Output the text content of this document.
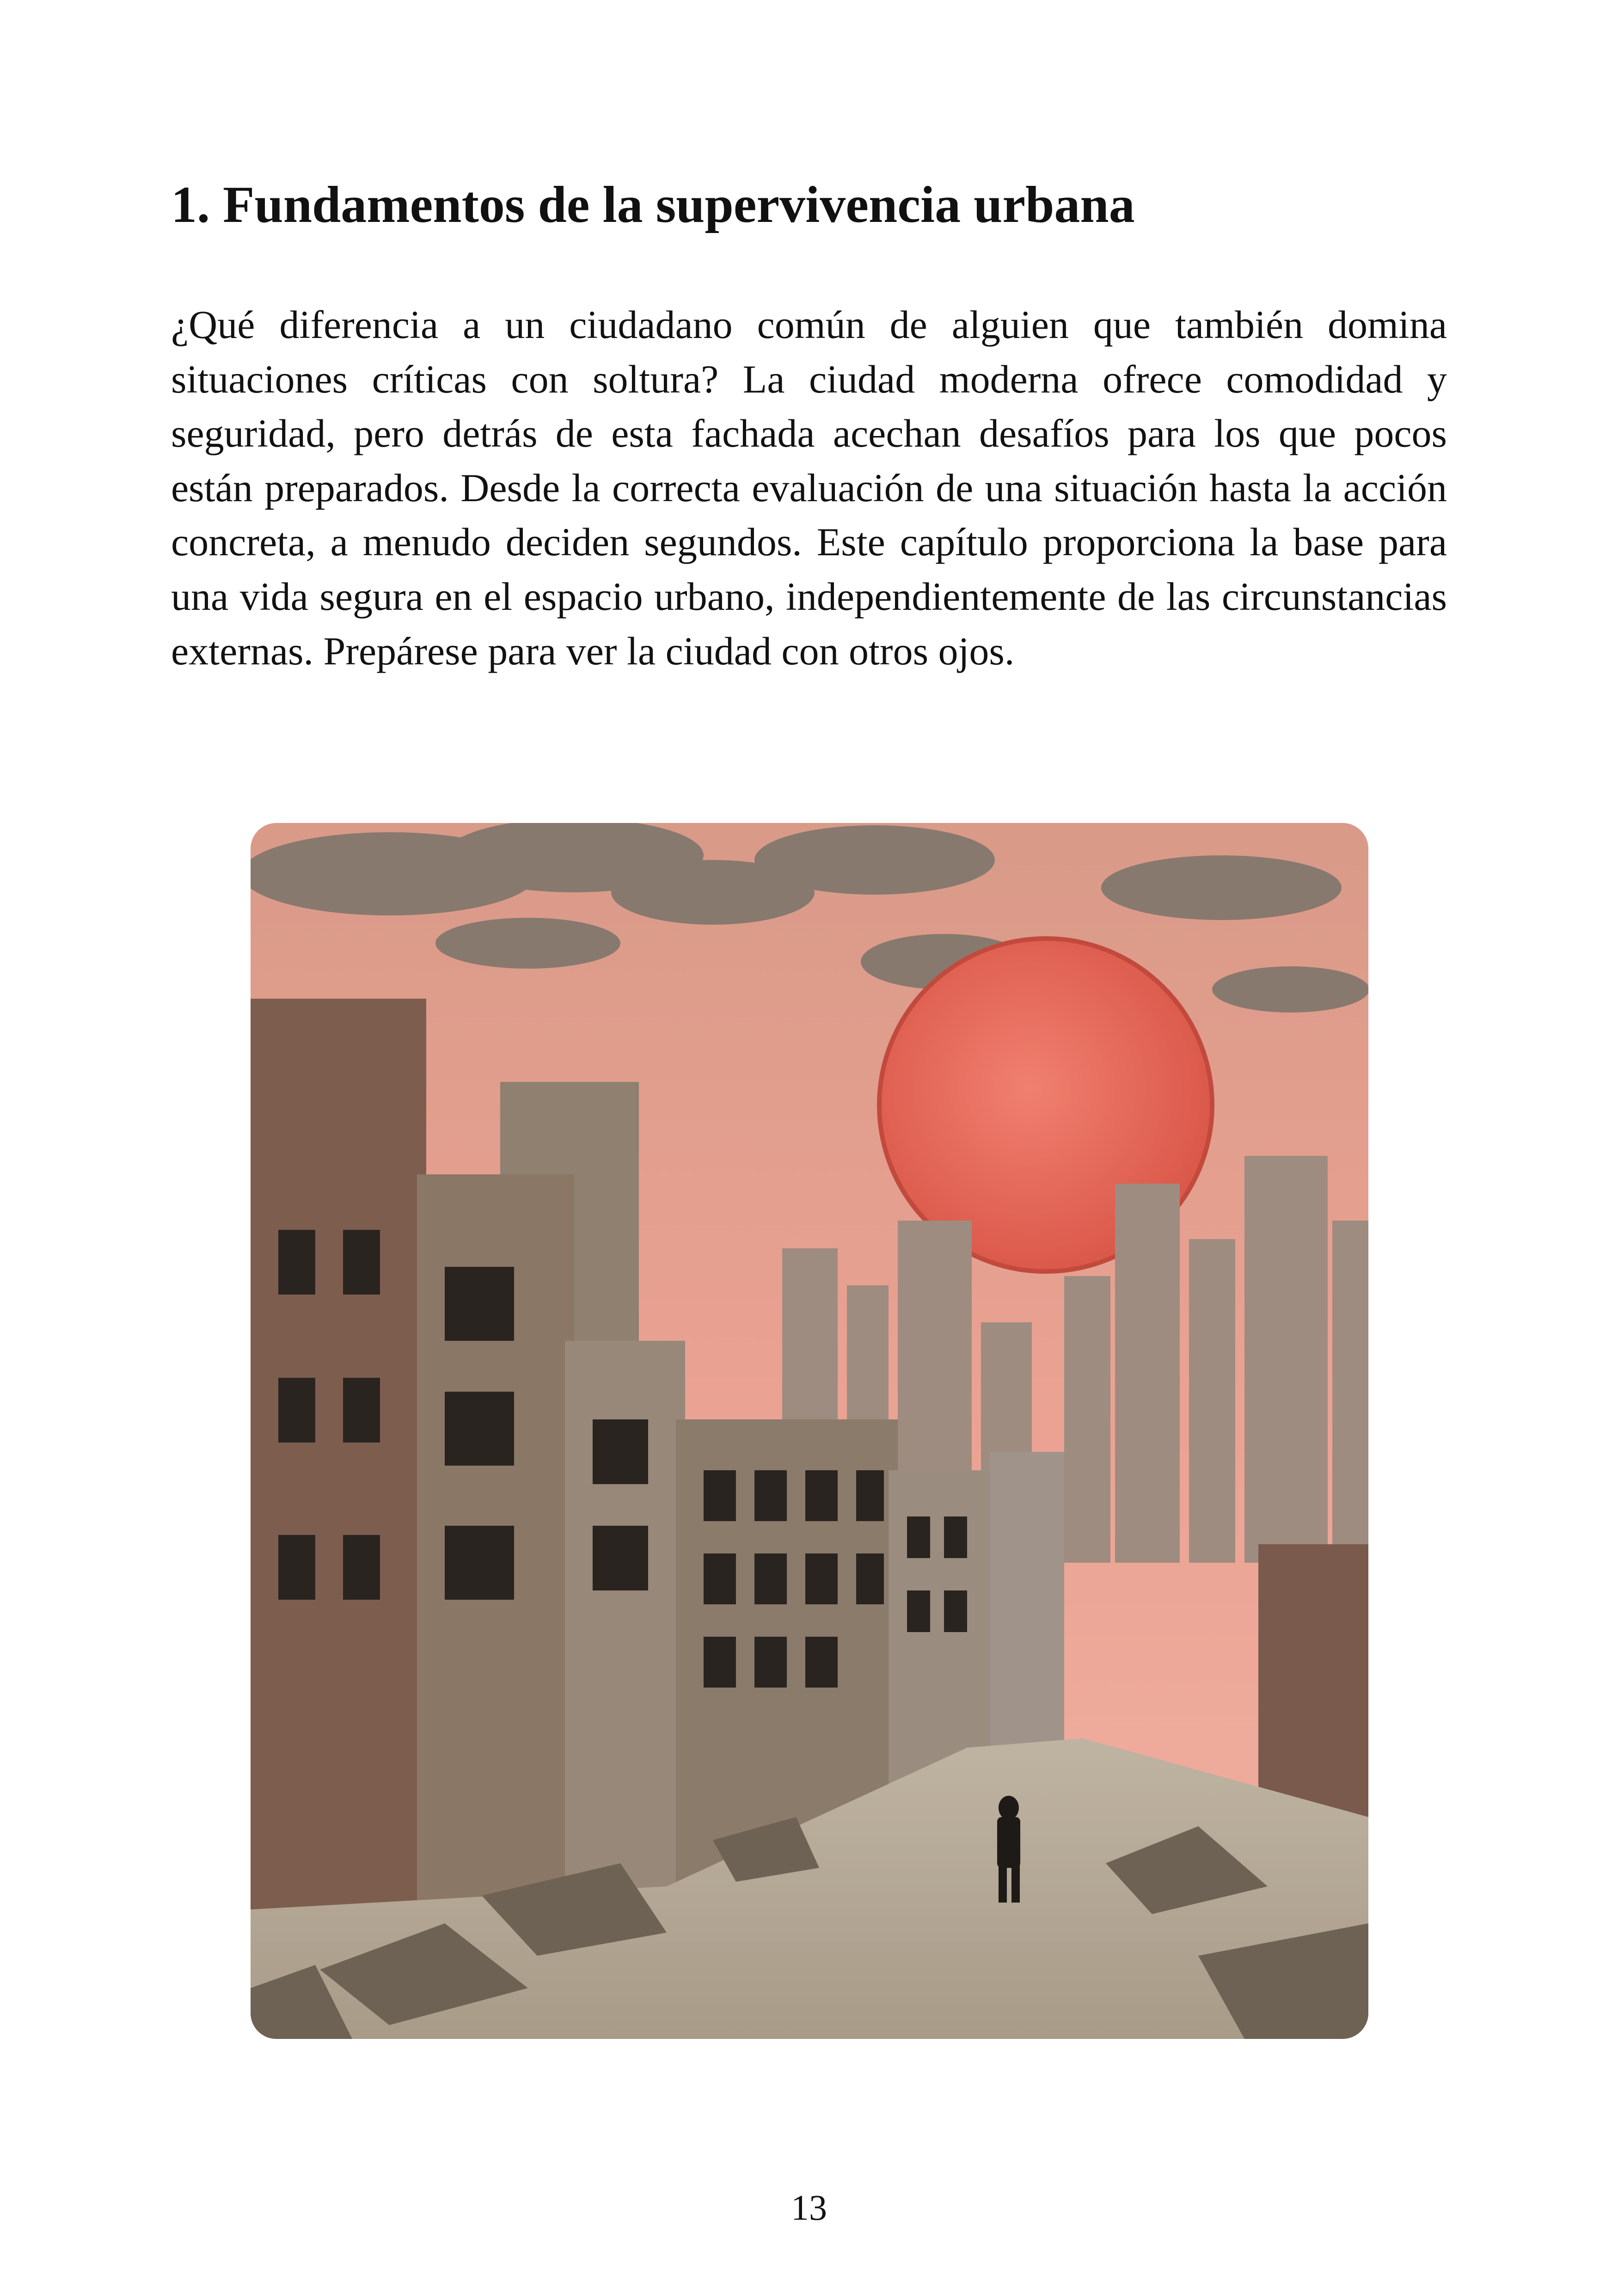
1. Fundamentos de la supervivencia urbana

¿Qué diferencia a un ciudadano común de alguien que también domina situaciones críticas con soltura? La ciudad moderna ofrece comodidad y seguridad, pero detrás de esta fachada acechan desafíos para los que pocos están preparados. Desde la correcta evaluación de una situación hasta la acción concreta, a menudo deciden segundos. Este capítulo proporciona la base para una vida segura en el espacio urbano, independientemente de las circunstancias externas. Prepárese para ver la ciudad con otros ojos.

13
